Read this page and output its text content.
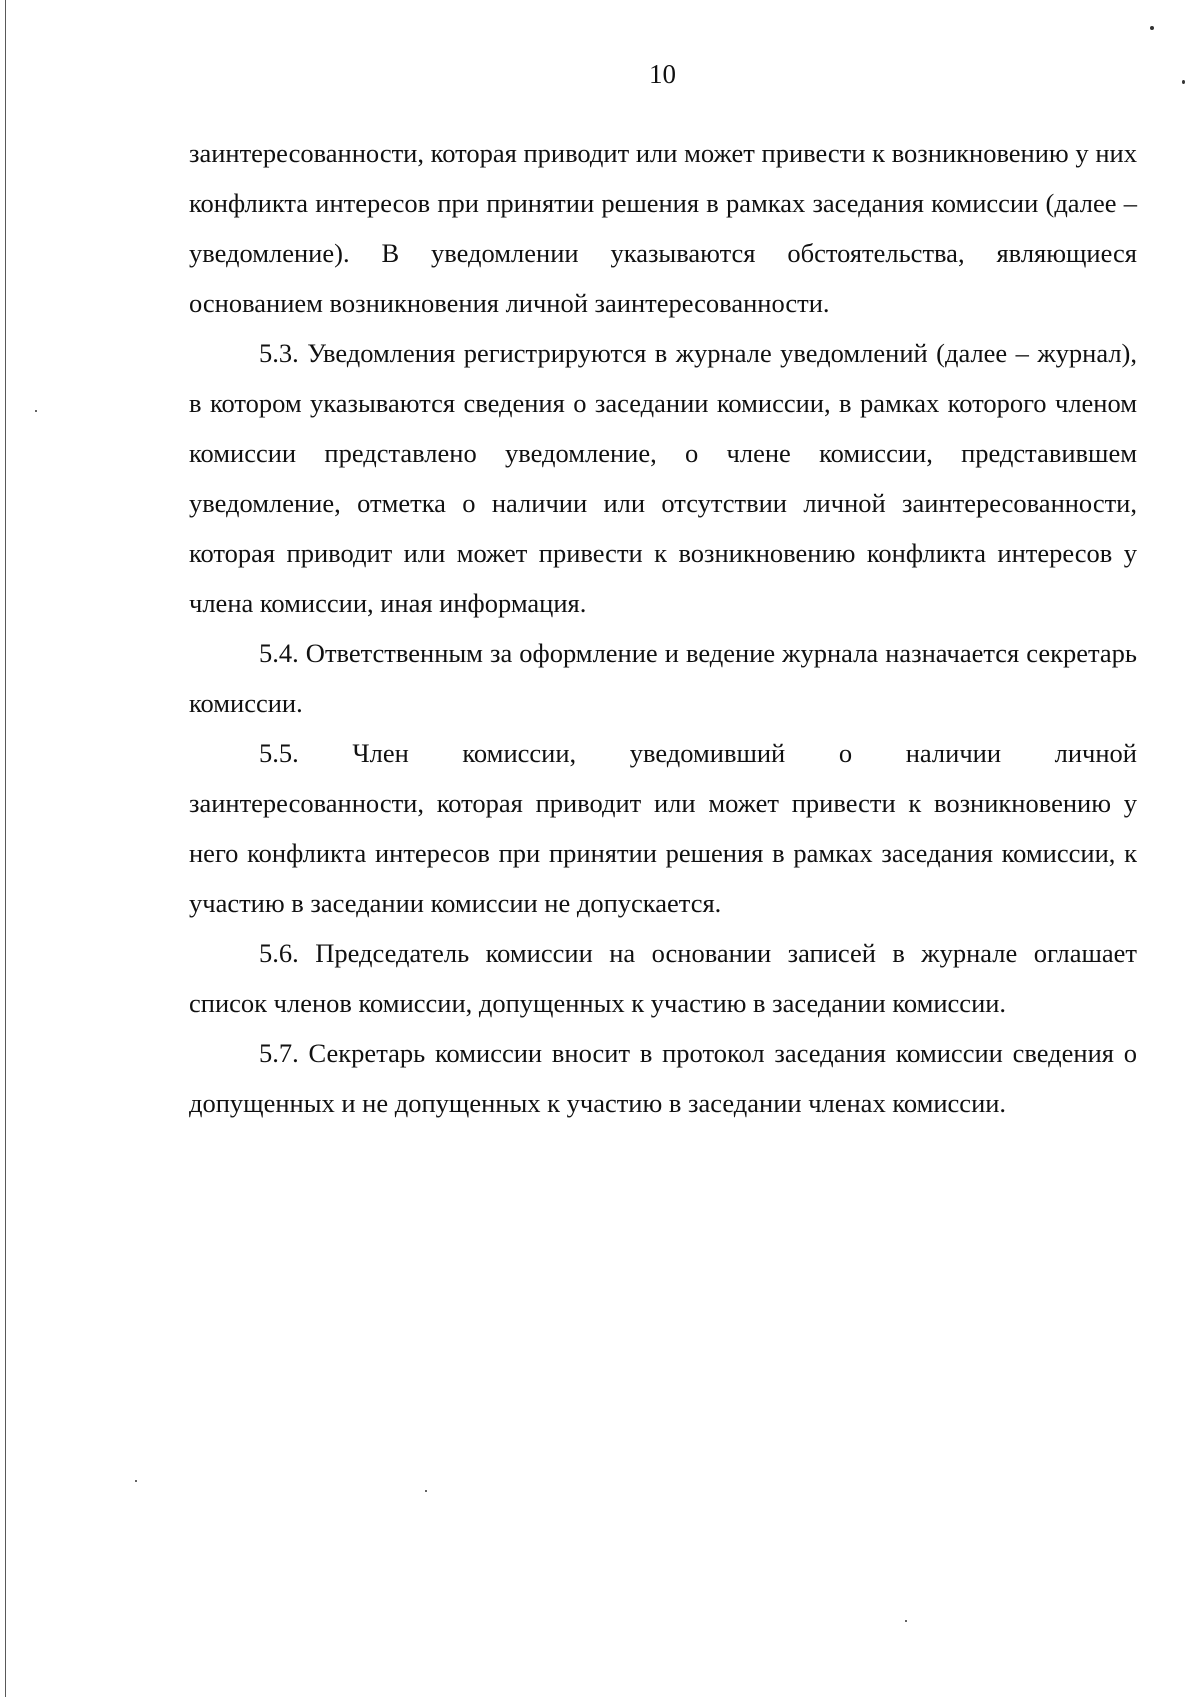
10

заинтересованности, которая приводит или может привести к возникновению у них конфликта интересов при принятии решения в рамках заседания комиссии (далее – уведомление). В уведомлении указываются обстоятельства, являющиеся основанием возникновения личной заинтересованности.

5.3. Уведомления регистрируются в журнале уведомлений (далее – журнал), в котором указываются сведения о заседании комиссии, в рамках которого членом комиссии представлено уведомление, о члене комиссии, представившем уведомление, отметка о наличии или отсутствии личной заинтересованности, которая приводит или может привести к возникновению конфликта интересов у члена комиссии, иная информация.

5.4. Ответственным за оформление и ведение журнала назначается секретарь комиссии.

5.5. Член комиссии, уведомивший о наличии личной

заинтересованности, которая приводит или может привести к возникновению у него конфликта интересов при принятии решения в рамках заседания комиссии, к участию в заседании комиссии не допускается.

5.6. Председатель комиссии на основании записей в журнале оглашает список членов комиссии, допущенных к участию в заседании комиссии.

5.7. Секретарь комиссии вносит в протокол заседания комиссии сведения о допущенных и не допущенных к участию в заседании членах комиссии.
